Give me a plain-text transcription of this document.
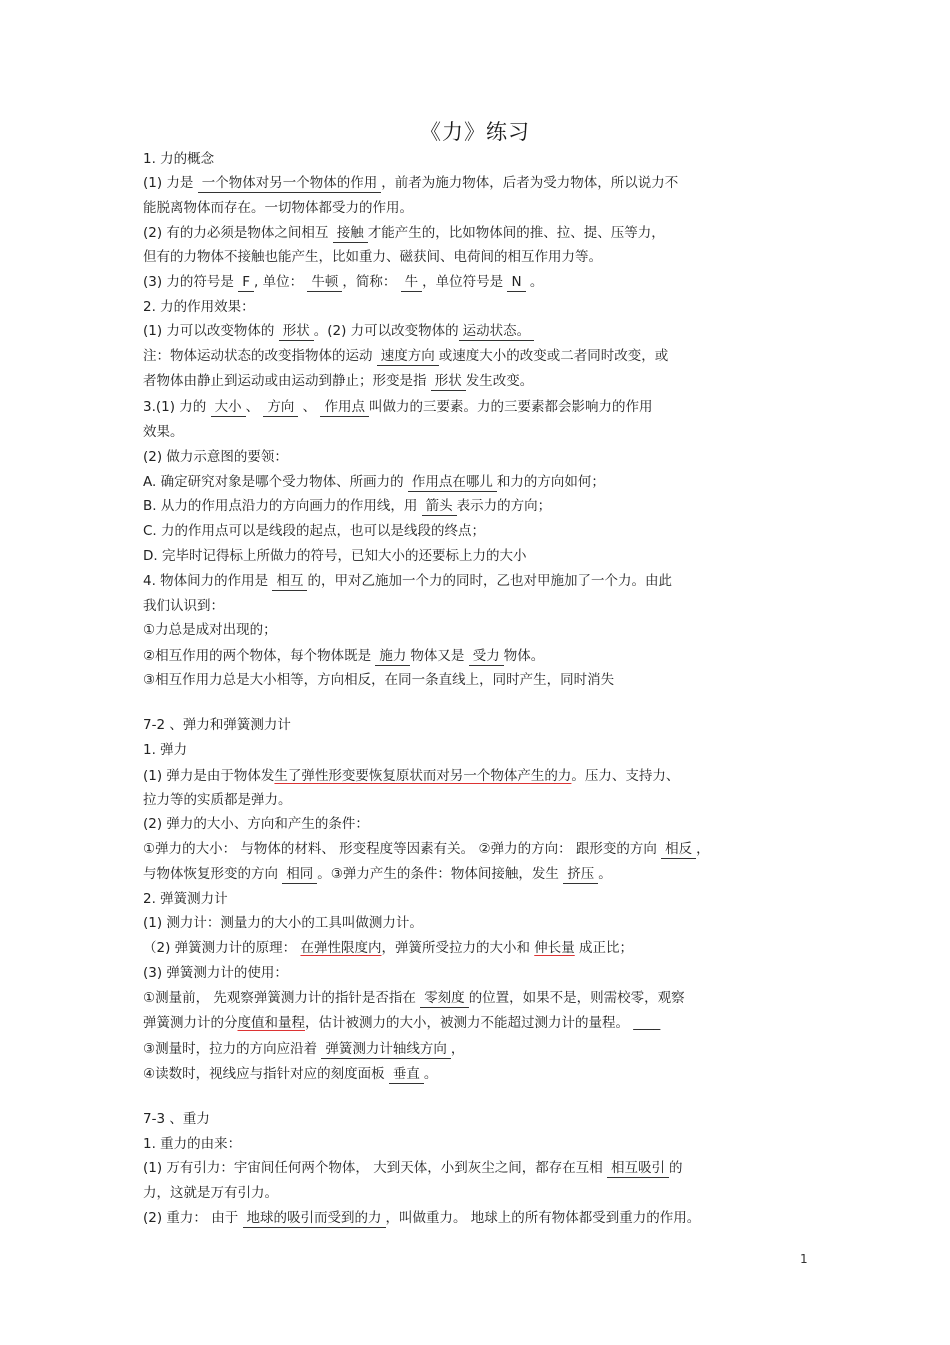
《力》练习
1. 力的概念
(1) 力是 一个物体对另一个物体的作用 ，前者为施力物体，后者为受力物体，所以说力不
能脱离物体而存在。一切物体都受力的作用。
(2) 有的力必须是物体之间相互 接触 才能产生的，比如物体间的推、拉、提、压等力，
但有的力物体不接触也能产生，比如重力、磁获间、电荷间的相互作用力等。
(3) 力的符号是 F , 单位： 牛顿 ，简称： 牛 ，单位符号是 N 。
2. 力的作用效果：
(1) 力可以改变物体的 形状 。(2) 力可以改变物体的 运动状态。
注：物体运动状态的改变指物体的运动 速度方向 或速度大小的改变或二者同时改变，或
者物体由静止到运动或由运动到静止；形变是指 形状 发生改变。
3.(1) 力的 大小 、 方向 、 作用点 叫做力的三要素。力的三要素都会影响力的作用
效果。
(2) 做力示意图的要领：
A. 确定研究对象是哪个受力物体、所画力的 作用点在哪儿 和力的方向如何；
B. 从力的作用点沿力的方向画力的作用线，用 箭头 表示力的方向；
C. 力的作用点可以是线段的起点，也可以是线段的终点；
D. 完毕时记得标上所做力的符号，已知大小的还要标上力的大小
4. 物体间力的作用是 相互 的，甲对乙施加一个力的同时，乙也对甲施加了一个力。由此
我们认识到：
①力总是成对出现的；
②相互作用的两个物体，每个物体既是 施力 物体又是 受力 物体。
③相互作用力总是大小相等，方向相反，在同一条直线上，同时产生，同时消失
7-2 、弹力和弹簧测力计
1. 弹力
(1) 弹力是由于物体发生了弹性形变要恢复原状而对另一个物体产生的力。压力、支持力、
拉力等的实质都是弹力。
(2) 弹力的大小、方向和产生的条件：
①弹力的大小： 与物体的材料、 形变程度等因素有关。 ②弹力的方向： 跟形变的方向 相反 ，
与物体恢复形变的方向 相同 。③弹力产生的条件：物体间接触，发生 挤压 。
2. 弹簧测力计
(1) 测力计：测量力的大小的工具叫做测力计。
（2) 弹簧测力计的原理： 在弹性限度内，弹簧所受拉力的大小和 伸长量 成正比；
(3) 弹簧测力计的使用：
①测量前， 先观察弹簧测力计的指针是否指在 零刻度 的位置，如果不是，则需校零，观察
弹簧测力计的分度值和量程，估计被测力的大小，被测力不能超过测力计的量程。 ____
③测量时，拉力的方向应沿着 弹簧测力计轴线方向 ，
④读数时，视线应与指针对应的刻度面板 垂直 。
7-3 、重力
1. 重力的由来：
(1) 万有引力：宇宙间任何两个物体， 大到天体，小到灰尘之间，都存在互相 相互吸引 的
力，这就是万有引力。
(2) 重力： 由于 地球的吸引而受到的力 ，叫做重力。 地球上的所有物体都受到重力的作用。
1
